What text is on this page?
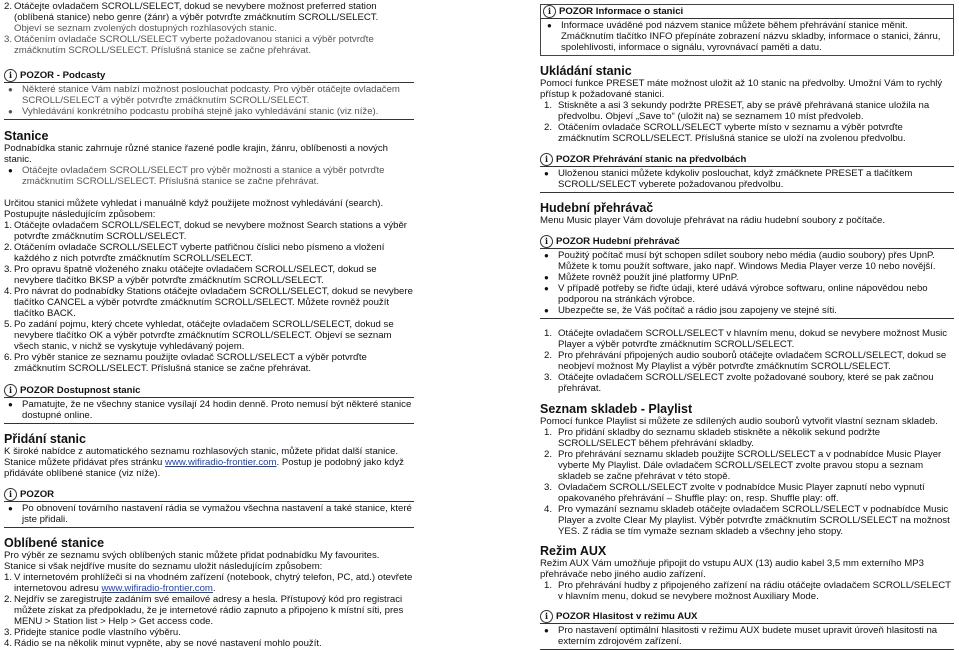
2. Otáčejte ovladačem SCROLL/SELECT, dokud se nevybere možnost preferred station (oblíbená stanice) nebo genre (žánr) a výběr potvrďte zmáčknutím SCROLL/SELECT.
Objeví se seznam zvolených dostupných rozhlasových stanic.
3. Otáčením ovladače SCROLL/SELECT vyberte požadovanou stanici a výběr potvrďte zmáčknutím SCROLL/SELECT. Příslušná stanice se začne přehrávat.
i POZOR - Podcasty
● Některé stanice Vám nabízí možnost poslouchat podcasty. Pro výběr otáčejte ovladačem SCROLL/SELECT a výběr potvrďte zmáčknutím SCROLL/SELECT.
● Vyhledávání konkrétního podcastu probíhá stejně jako vyhledávání stanic (viz níže).
Stanice

Podnabídka stanic zahrnuje různé stanice řazené podle krajin, žánru, oblíbenosti a nových stanic.

● Otáčejte ovladačem SCROLL/SELECT pro výběr možnosti a stanice a výběr potvrďte zmáčknutím SCROLL/SELECT. Příslušná stanice se začne přehrávat.

Určitou stanici můžete vyhledat i manuálně když použijete možnost vyhledávání (search). Postupujte následujícím způsobem:

1. Otáčejte ovladačem SCROLL/SELECT, dokud se nevybere možnost Search stations a výběr potvrďte zmáčknutím SCROLL/SELECT.
2. Otáčením ovladače SCROLL/SELECT vyberte patřičnou číslici nebo písmeno a vložení každého z nich potvrďte zmáčknutím SCROLL/SELECT.
3. Pro opravu špatně vloženého znaku otáčejte ovladačem SCROLL/SELECT, dokud se nevybere tlačítko BKSP a výběr potvrďte zmáčknutím SCROLL/SELECT.
4. Pro návrat do podnabídky Stations otáčejte ovladačem SCROLL/SELECT, dokud se nevybere tlačítko CANCEL a výběr potvrďte zmáčknutím SCROLL/SELECT. Můžete rovněž použít tlačítko BACK.
5. Po zadání pojmu, který chcete vyhledat, otáčejte ovladačem SCROLL/SELECT, dokud se nevybere tlačítko OK a výběr potvrďte zmáčknutím SCROLL/SELECT. Objeví se seznam všech stanic, v nichž se vyskytuje vyhledávaný pojem.
6. Pro výběr stanice ze seznamu použijte ovladač SCROLL/SELECT a výběr potvrďte zmáčknutím SCROLL/SELECT. Příslušná stanice se začne přehrávat.
i POZOR Dostupnost stanic
● Pamatujte, že ne všechny stanice vysílají 24 hodin denně. Proto nemusí být některé stanice dostupné online.
Přidání stanic

K široké nabídce z automatického seznamu rozhlasových stanic, můžete přidat další stanice. Stanice můžete přidávat přes stránku www.wifiradio-frontier.com. Postup je podobný jako když přidáváte oblíbené stanice (viz níže).

i POZOR
● Po obnovení továrního nastavení rádia se vymažou všechna nastavení a také stanice, které jste přidali.
Oblíbené stanice

Pro výběr ze seznamu svých oblíbených stanic můžete přidat podnabídku My favourites. Stanice si však nejdříve musíte do seznamu uložit následujícím způsobem:

1. V internetovém prohlížeči si na vhodném zařízení (notebook, chytrý telefon, PC, atd.) otevřete internetovou adresu www.wifiradio-frontier.com.
2. Nejdřív se zaregistrujte zadáním své emailové adresy a hesla. Přístupový kód pro registraci můžete získat za předpokladu, že je internetové rádio zapnuto a připojeno k místní síti, pres MENU > Station list > Help > Get access code.
3. Přidejte stanice podle vlastního výběru.
4. Rádio se na několik minut vypněte, aby se nové nastavení mohlo použít.
i POZOR Informace o stanici
● Informace uváděné pod názvem stanice můžete během přehrávání stanice měnit. Zmáčknutím tlačítko INFO přepínáte zobrazení názvu skladby, informace o stanici, žánru, spolehlivosti, informace o signálu, vyrovnávací paměti a datu.
Ukládání stanic

Pomocí funkce PRESET máte možnost uložit až 10 stanic na předvolby. Umožní Vám to rychlý přístup k požadované stanici.

1. Stiskněte a asi 3 sekundy podržte PRESET, aby se právě přehrávaná stanice uložila na předvolbu. Objeví „Save to“ (uložit na) se seznamem 10 míst předvoleb.
2. Otáčením ovladače SCROLL/SELECT vyberte místo v seznamu a výběr potvrďte zmáčknutím SCROLL/SELECT. Příslušná stanice se uloží na zvolenou předvolbu.
i POZOR Přehrávání stanic na předvolbách
● Uloženou stanici můžete kdykoliv poslouchat, když zmáčknete PRESET a tlačítkem SCROLL/SELECT vyberete požadovanou předvolbu.
Hudební přehrávač

Menu Music player Vám dovoluje přehrávat na rádiu hudební soubory z počítače.

i POZOR Hudební přehrávač
● Použitý počítač musí být schopen sdílet soubory nebo média (audio soubory) přes UpnP. Můžete k tomu použít software, jako např. Windows Media Player verze 10 nebo novější.
● Můžete rovněž použít jiné platformy UPnP.
● V případě potřeby se řiďte údaji, které udává výrobce softwaru, online nápovědou nebo podporou na stránkách výrobce.
● Ubezpečte se, že Váš počítač a rádio jsou zapojeny ve stejné síti.
1. Otáčejte ovladačem SCROLL/SELECT v hlavním menu, dokud se nevybere možnost Music Player a výběr potvrďte zmáčknutím SCROLL/SELECT.
2. Pro přehrávání připojených audio souborů otáčejte ovladačem SCROLL/SELECT, dokud se neobjeví možnost My Playlist a výběr potvrďte zmáčknutím SCROLL/SELECT.
3. Otáčejte ovladačem SCROLL/SELECT zvolte požadované soubory, které se pak začnou přehrávat.
Seznam skladeb - Playlist

Pomocí funkce Playlist si můžete ze sdílených audio souborů vytvořit vlastní seznam skladeb.

1. Pro přidání skladby do seznamu skladeb stiskněte a několik sekund podržte SCROLL/SELECT během přehrávání skladby.
2. Pro přehrávání seznamu skladeb použijte SCROLL/SELECT a v podnabídce Music Player vyberte My Playlist. Dále ovladačem SCROLL/SELECT zvolte pravou stopu a seznam skladeb se začne přehrávat v této stopě.
3. Ovladačem SCROLL/SELECT zvolte v podnabídce Music Player zapnutí nebo vypnutí opakovaného přehrávání – Shuffle play: on, resp. Shuffle play: off.
4. Pro vymazání seznamu skladeb otáčejte ovladačem SCROLL/SELECT v podnabídce Music Player a zvolte Clear My playlist. Výběr potvrďte zmáčknutím SCROLL/SELECT na možnost YES. Z rádia se tím vymaže seznam skladeb a všechny jeho stopy.
Režim AUX

Režim AUX Vám umožňuje připojit do vstupu AUX (13) audio kabel 3,5 mm externího MP3 přehrávače nebo jiného audio zařízení.

1. Pro přehrávání hudby z připojeného zařízení na rádiu otáčejte ovladačem SCROLL/SELECT v hlavním menu, dokud se nevybere možnost Auxiliary Mode.
i POZOR Hlasitost v režimu AUX
● Pro nastavení optimální hlasitosti v režimu AUX budete muset upravit úroveň hlasitosti na externím zdrojovém zařízení.
